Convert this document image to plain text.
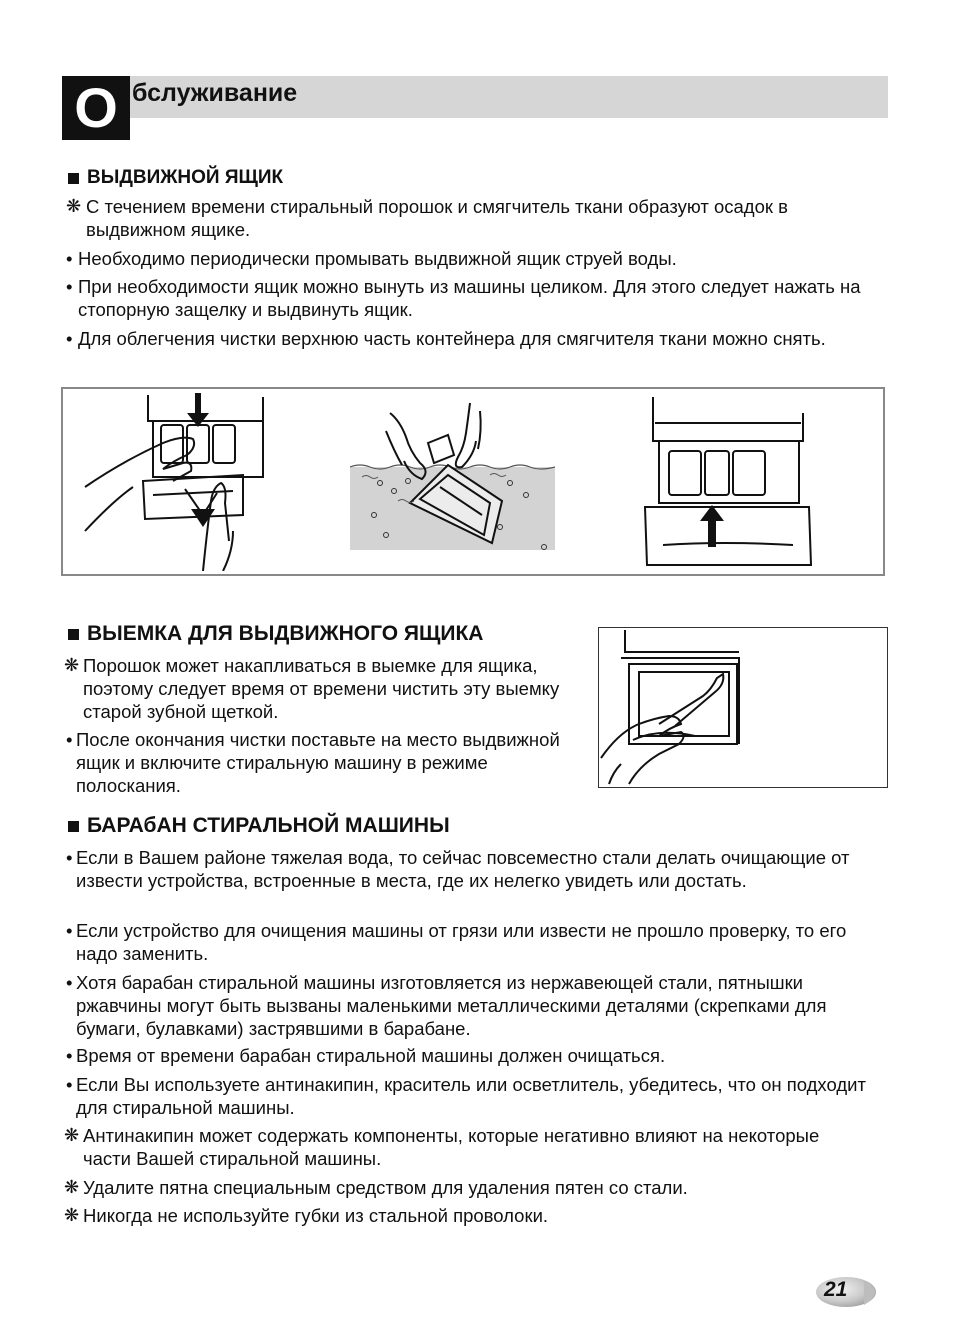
О бслуживание
ВЫДВИЖНОЙ ЯЩИК
❋ С течением времени стиральный порошок и смягчитель ткани образуют осадок в выдвижном ящике.
• Необходимо периодически промывать выдвижной ящик струей воды.
• При необходимости ящик можно вынуть из машины целиком. Для этого следует нажать на стопорную защелку и выдвинуть ящик.
• Для облегчения чистки верхнюю часть контейнера для смягчителя ткани можно снять.
ВЫЕМКА ДЛЯ ВЫДВИЖНОГО ЯЩИКА
❋ Порошок может накапливаться в выемке для ящика, поэтому следует время от времени чистить эту выемку старой зубной щеткой.
• После окончания чистки поставьте на место выдвижной ящик и включите стиральную машину в режиме полоскания.
БАРАбАН СТИРАЛЬНОЙ МАШИНЫ
• Если в Вашем районе тяжелая вода, то сейчас повсеместно стали делать очищающие от извести устройства, встроенные в места, где их нелегко увидеть или достать.
• Если устройство для очищения машины от грязи или извести не прошло проверку, то его надо заменить.
• Хотя барабан стиральной машины изготовляется из нержавеющей стали, пятнышки ржавчины могут быть вызваны маленькими металлическими деталями (скрепками для бумаги, булавками) застрявшими в барабане.
• Время от времени барабан стиральной машины должен очищаться.
• Если Вы используете антинакипин, краситель или осветлитель, убедитесь, что он подходит для стиральной машины.
❋ Антинакипин может содержать компоненты, которые негативно влияют на некоторые части Вашей стиральной машины.
❋ Удалите пятна специальным средством для удаления пятен со стали.
❋ Никогда не используйте губки из стальной проволоки.
21
